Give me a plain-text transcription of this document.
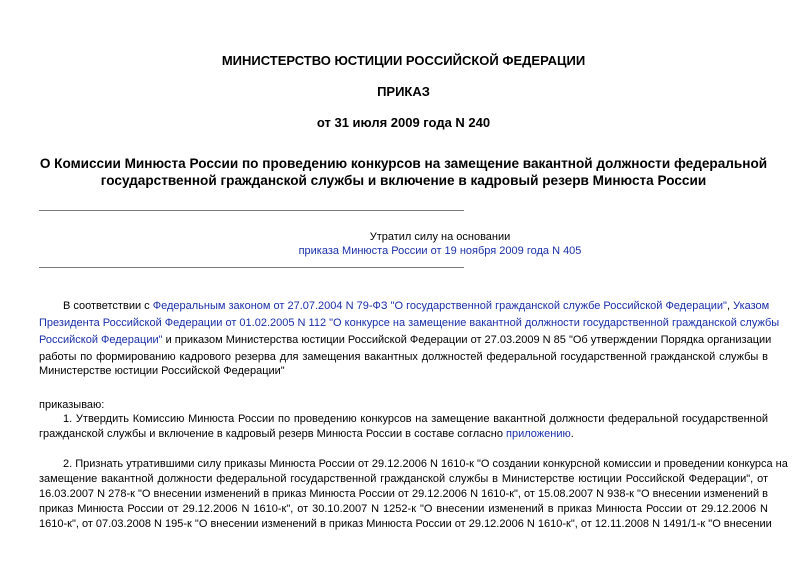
МИНИСТЕРСТВО ЮСТИЦИИ РОССИЙСКОЙ ФЕДЕРАЦИИ
ПРИКАЗ
от 31 июля 2009 года N 240
О Комиссии Минюста России по проведению конкурсов на замещение вакантной должности федеральной
государственной гражданской службы и включение в кадровый резерв Минюста России
Утратил силу на основании
приказа Минюста России от 19 ноября 2009 года N 405
В соответствии с Федеральным законом от 27.07.2004 N 79-ФЗ "О государственной гражданской службе Российской Федерации", Указом
Президента Российской Федерации от 01.02.2005 N 112 "О конкурсе на замещение вакантной должности государственной гражданской службы
Российской Федерации" и приказом Министерства юстиции Российской Федерации от 27.03.2009 N 85 "Об утверждении Порядка организации
работы по формированию кадрового резерва для замещения вакантных должностей федеральной государственной гражданской службы в
Министерстве юстиции Российской Федерации"
приказываю:
1. Утвердить Комиссию Минюста России по проведению конкурсов на замещение вакантной должности федеральной государственной
гражданской службы и включение в кадровый резерв Минюста России в составе согласно приложению.
2. Признать утратившими силу приказы Минюста России от 29.12.2006 N 1610-к "О создании конкурсной комиссии и проведении конкурса на
замещение вакантной должности федеральной государственной гражданской службы в Министерстве юстиции Российской Федерации", от
16.03.2007 N 278-к "О внесении изменений в приказ Минюста России от 29.12.2006 N 1610-к", от 15.08.2007 N 938-к "О внесении изменений в
приказ Минюста России от 29.12.2006 N 1610-к", от 30.10.2007 N 1252-к "О внесении изменений в приказ Минюста России от 29.12.2006 N
1610-к", от 07.03.2008 N 195-к "О внесении изменений в приказ Минюста России от 29.12.2006 N 1610-к", от 12.11.2008 N 1491/1-к "О внесении
